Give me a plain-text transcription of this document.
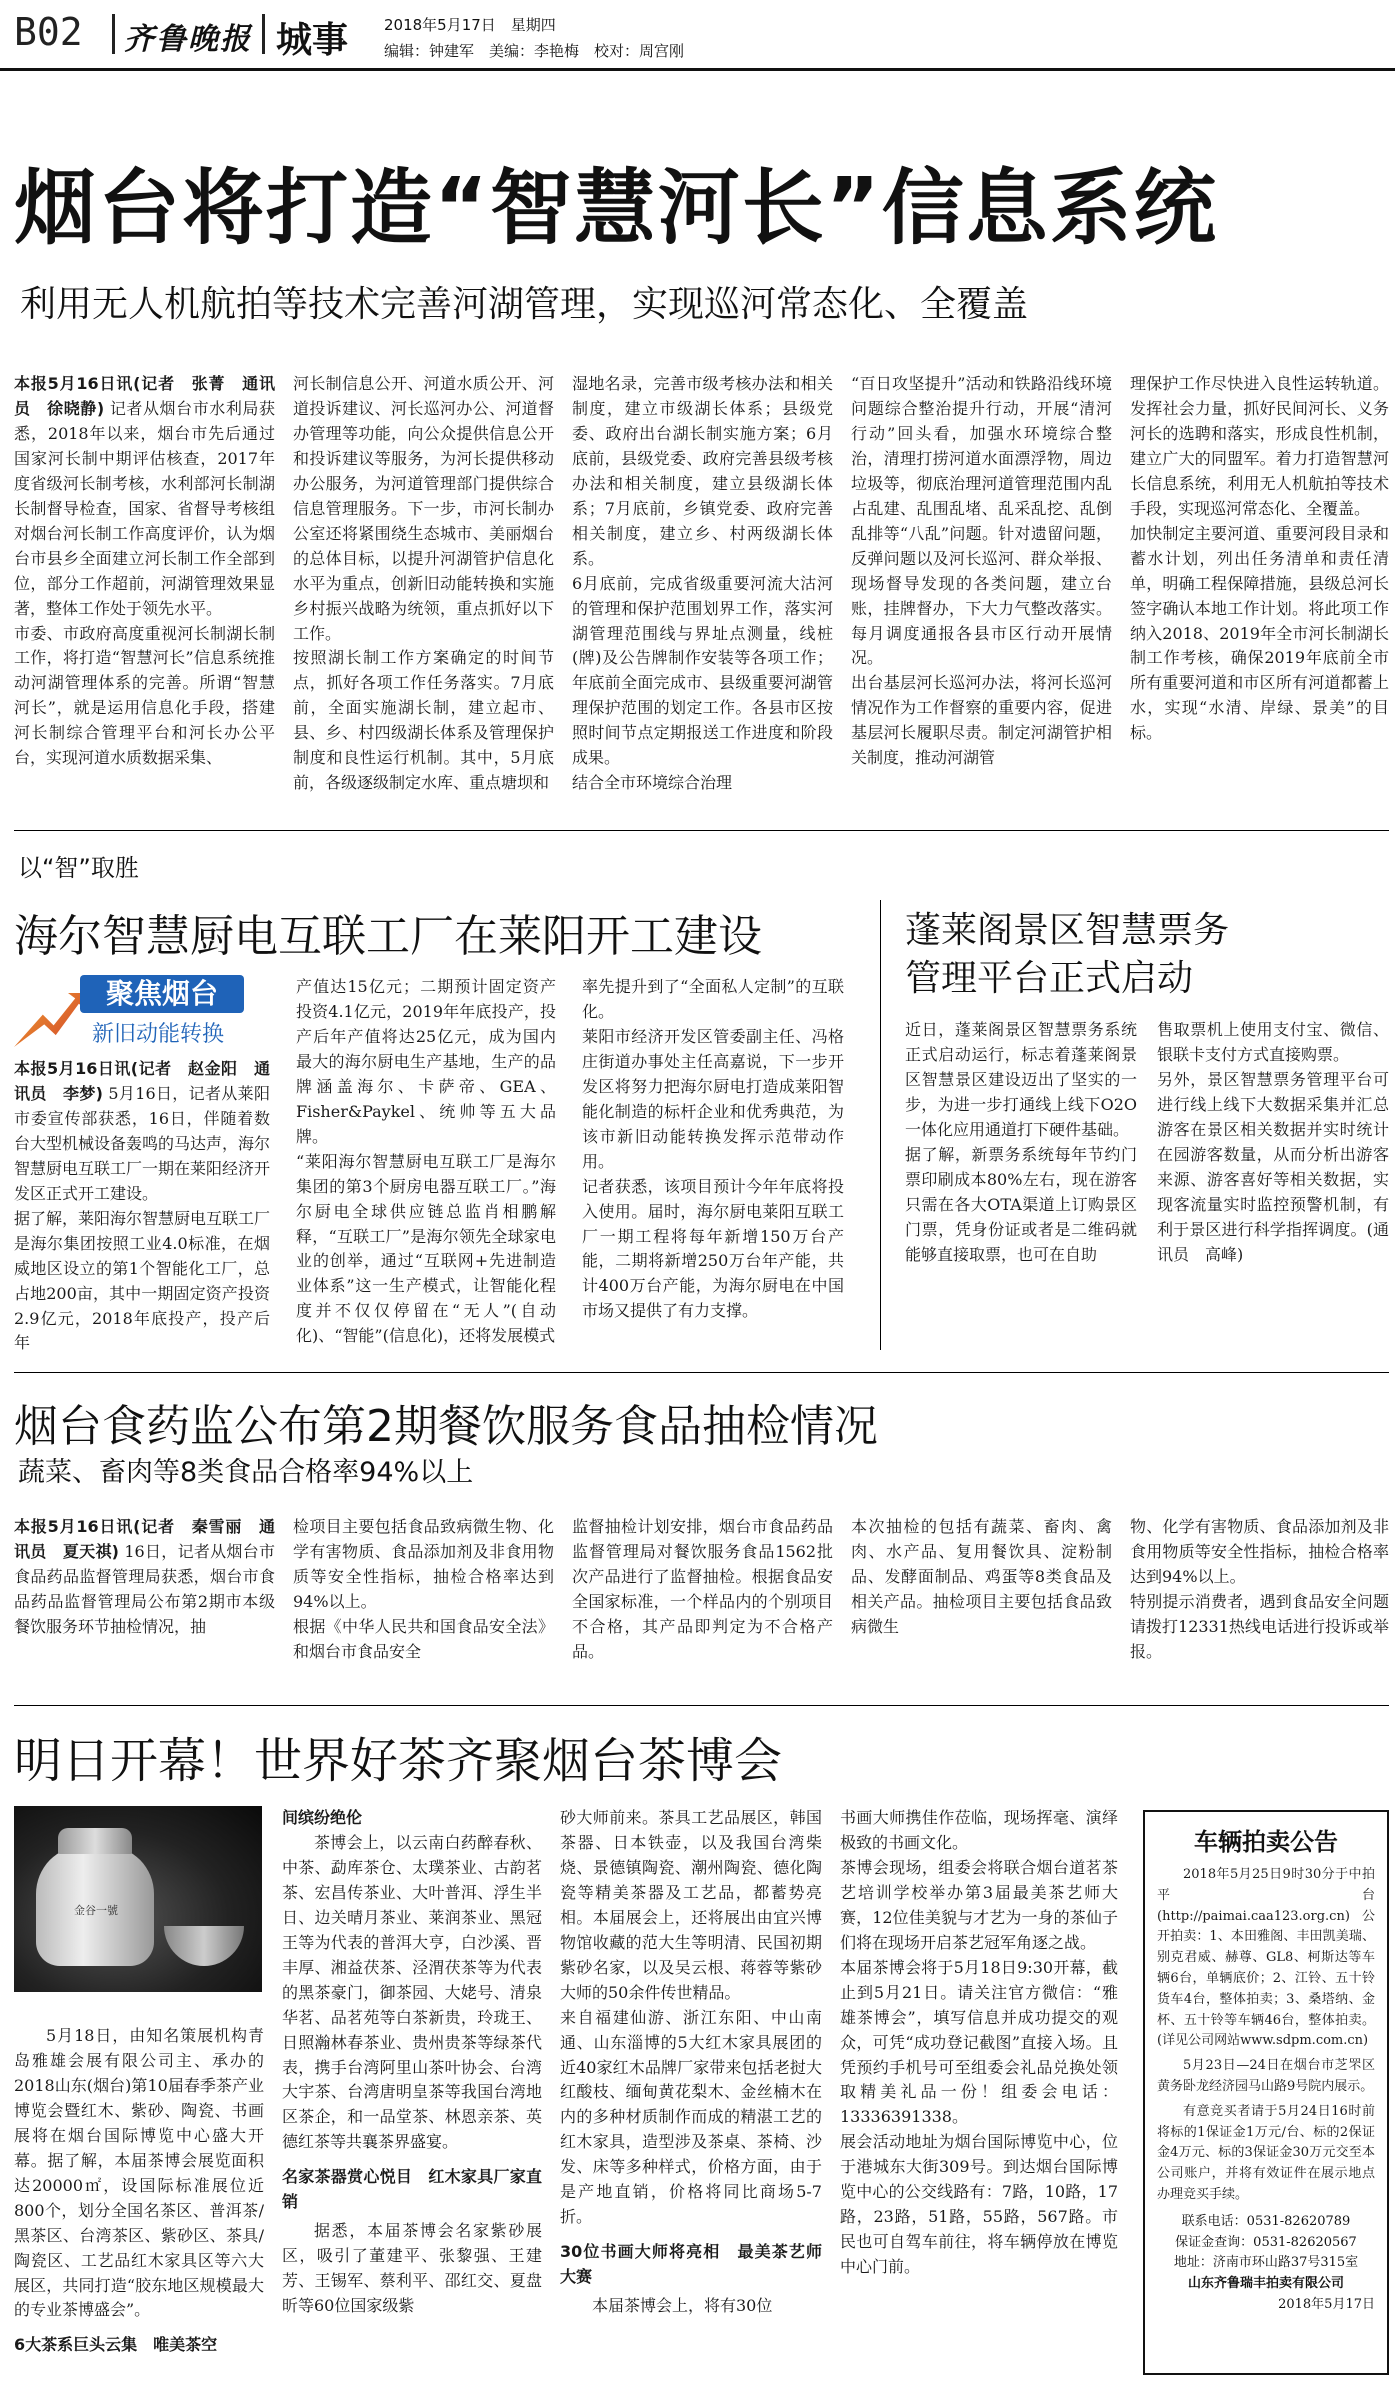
B02 齐鲁晚报 城事 2018年5月17日　星期四
编辑：钟建军　美编：李艳梅　校对：周宫刚
烟台将打造“智慧河长”信息系统
利用无人机航拍等技术完善河湖管理，实现巡河常态化、全覆盖
本报5月16日讯(记者　张菁　通讯员　徐晓静) 记者从烟台市水利局获悉，2018年以来，烟台市先后通过国家河长制中期评估核查，2017年度省级河长制考核，水利部河长制湖长制督导检查，国家、省督导考核组对烟台河长制工作高度评价，认为烟台市县乡全面建立河长制工作全部到位，部分工作超前，河湖管理效果显著，整体工作处于领先水平。
市委、市政府高度重视河长制湖长制工作，将打造“智慧河长”信息系统推动河湖管理体系的完善。所谓“智慧河长”，就是运用信息化手段，搭建河长制综合管理平台和河长办公平台，实现河道水质数据采集、
河长制信息公开、河道水质公开、河道投诉建议、河长巡河办公、河道督办管理等功能，向公众提供信息公开和投诉建议等服务，为河长提供移动办公服务，为河道管理部门提供综合信息管理服务。下一步，市河长制办公室还将紧围绕生态城市、美丽烟台的总体目标，以提升河湖管护信息化水平为重点，创新旧动能转换和实施乡村振兴战略为统领，重点抓好以下工作。
按照湖长制工作方案确定的时间节点，抓好各项工作任务落实。7月底前，全面实施湖长制，建立起市、县、乡、村四级湖长体系及管理保护制度和良性运行机制。其中，5月底前，各级逐级制定水库、重点塘坝和
湿地名录，完善市级考核办法和相关制度，建立市级湖长体系；县级党委、政府出台湖长制实施方案；6月底前，县级党委、政府完善县级考核办法和相关制度，建立县级湖长体系；7月底前，乡镇党委、政府完善相关制度，建立乡、村两级湖长体系。
6月底前，完成省级重要河流大沽河的管理和保护范围划界工作，落实河湖管理范围线与界址点测量，线桩(牌)及公告牌制作安装等各项工作；年底前全面完成市、县级重要河湖管理保护范围的划定工作。各县市区按照时间节点定期报送工作进度和阶段成果。
结合全市环境综合治理
“百日攻坚提升”活动和铁路沿线环境问题综合整治提升行动，开展“清河行动”回头看，加强水环境综合整治，清理打捞河道水面漂浮物，周边垃圾等，彻底治理河道管理范围内乱占乱建、乱围乱堵、乱采乱挖、乱倒乱排等“八乱”问题。针对遗留问题，反弹问题以及河长巡河、群众举报、现场督导发现的各类问题，建立台账，挂牌督办，下大力气整改落实。每月调度通报各县市区行动开展情况。
出台基层河长巡河办法，将河长巡河情况作为工作督察的重要内容，促进基层河长履职尽责。制定河湖管护相关制度，推动河湖管
理保护工作尽快进入良性运转轨道。发挥社会力量，抓好民间河长、义务河长的选聘和落实，形成良性机制，建立广大的同盟军。着力打造智慧河长信息系统，利用无人机航拍等技术手段，实现巡河常态化、全覆盖。
加快制定主要河道、重要河段目录和蓄水计划，列出任务清单和责任清单，明确工程保障措施，县级总河长签字确认本地工作计划。将此项工作纳入2018、2019年全市河长制湖长制工作考核，确保2019年底前全市所有重要河道和市区所有河道都蓄上水，实现“水清、岸绿、景美”的目标。
以“智”取胜
海尔智慧厨电互联工厂在莱阳开工建设
聚焦烟台
新旧动能转换
本报5月16日讯(记者　赵金阳　通讯员　李梦) 5月16日，记者从莱阳市委宣传部获悉，16日，伴随着数台大型机械设备轰鸣的马达声，海尔智慧厨电互联工厂一期在莱阳经济开发区正式开工建设。
据了解，莱阳海尔智慧厨电互联工厂是海尔集团按照工业4.0标准，在烟威地区设立的第1个智能化工厂，总占地200亩，其中一期固定资产投资2.9亿元，2018年底投产，投产后年
产值达15亿元；二期预计固定资产投资4.1亿元，2019年年底投产，投产后年产值将达25亿元，成为国内最大的海尔厨电生产基地，生产的品牌涵盖海尔、卡萨帝、GEA、Fisher&Paykel、统帅等五大品牌。
“莱阳海尔智慧厨电互联工厂是海尔集团的第3个厨房电器互联工厂。”海尔厨电全球供应链总监肖相鹏解释，“互联工厂”是海尔领先全球家电业的创举，通过“互联网+先进制造业体系”这一生产模式，让智能化程度并不仅仅停留在“无人”(自动化)、“智能”(信息化)，还将发展模式
率先提升到了“全面私人定制”的互联化。
莱阳市经济开发区管委副主任、冯格庄街道办事处主任高嘉说，下一步开发区将努力把海尔厨电打造成莱阳智能化制造的标杆企业和优秀典范，为该市新旧动能转换发挥示范带动作用。
记者获悉，该项目预计今年年底将投入使用。届时，海尔厨电莱阳互联工厂一期工程将每年新增150万台产能，二期将新增250万台年产能，共计400万台产能，为海尔厨电在中国市场又提供了有力支撑。
蓬莱阁景区智慧票务
管理平台正式启动
近日，蓬莱阁景区智慧票务系统正式启动运行，标志着蓬莱阁景区智慧景区建设迈出了坚实的一步，为进一步打通线上线下O2O一体化应用通道打下硬件基础。
据了解，新票务系统每年节约门票印刷成本80%左右，现在游客只需在各大OTA渠道上订购景区门票，凭身份证或者是二维码就能够直接取票，也可在自助
售取票机上使用支付宝、微信、银联卡支付方式直接购票。
另外，景区智慧票务管理平台可进行线上线下大数据采集并汇总游客在景区相关数据并实时统计在园游客数量，从而分析出游客来源、游客喜好等相关数据，实现客流量实时监控预警机制，有利于景区进行科学指挥调度。(通讯员　高峰)
烟台食药监公布第2期餐饮服务食品抽检情况
蔬菜、畜肉等8类食品合格率94%以上
本报5月16日讯(记者　秦雪丽　通讯员　夏天祺) 16日，记者从烟台市食品药品监督管理局获悉，烟台市食品药品监督管理局公布第2期市本级餐饮服务环节抽检情况，抽
检项目主要包括食品致病微生物、化学有害物质、食品添加剂及非食用物质等安全性指标，抽检合格率达到94%以上。
根据《中华人民共和国食品安全法》和烟台市食品安全
监督抽检计划安排，烟台市食品药品监督管理局对餐饮服务食品1562批次产品进行了监督抽检。根据食品安全国家标准，一个样品内的个别项目不合格，其产品即判定为不合格产品。
本次抽检的包括有蔬菜、畜肉、禽肉、水产品、复用餐饮具、淀粉制品、发酵面制品、鸡蛋等8类食品及相关产品。抽检项目主要包括食品致病微生
物、化学有害物质、食品添加剂及非食用物质等安全性指标，抽检合格率达到94%以上。
特别提示消费者，遇到食品安全问题请拨打12331热线电话进行投诉或举报。
明日开幕！世界好茶齐聚烟台茶博会
金谷一號
5月18日，由知名策展机构青岛雅雄会展有限公司主、承办的2018山东(烟台)第10届春季茶产业博览会暨红木、紫砂、陶瓷、书画展将在烟台国际博览中心盛大开幕。据了解，本届茶博会展览面积达20000㎡，设国际标准展位近800个，划分全国名茶区、普洱茶/黑茶区、台湾茶区、紫砂区、茶具/陶瓷区、工艺品红木家具区等六大展区，共同打造“胶东地区规模最大的专业茶博盛会”。
6大茶系巨头云集　唯美茶空
间缤纷绝伦
茶博会上，以云南白药醉春秋、中茶、勐库茶仓、太璞茶业、古韵茗茶、宏昌传茶业、大叶普洱、浮生半日、边关晴月茶业、莱润茶业、黑冠王等为代表的普洱大亨，白沙溪、晋丰厚、湘益茯茶、泾渭茯茶等为代表的黑茶豪门，御茶园、大姥号、清泉华茗、品茗苑等白茶新贵，玲珑王、日照瀚林春茶业、贵州贵茶等绿茶代表，携手台湾阿里山茶叶协会、台湾大宇茶、台湾唐明皇茶等我国台湾地区茶企，和一品堂茶、林恩亲茶、英德红茶等共襄茶界盛宴。
名家茶器赏心悦目　红木家具厂家直销
据悉，本届茶博会名家紫砂展区，吸引了董建平、张黎强、王建芳、王锡军、蔡利平、邵红交、夏盘昕等60位国家级紫
砂大师前来。茶具工艺品展区，韩国茶器、日本铁壶，以及我国台湾柴烧、景德镇陶瓷、潮州陶瓷、德化陶瓷等精美茶器及工艺品，都蓄势亮相。本届展会上，还将展出由宜兴博物馆收藏的范大生等明清、民国初期紫砂名家，以及吴云根、蒋蓉等紫砂大师的50余件传世精品。
来自福建仙游、浙江东阳、中山南通、山东淄博的5大红木家具展团的近40家红木品牌厂家带来包括老挝大红酸枝、缅甸黄花梨木、金丝楠木在内的多种材质制作而成的精湛工艺的红木家具，造型涉及茶桌、茶椅、沙发、床等多种样式，价格方面，由于是产地直销，价格将同比商场5-7折。
30位书画大师将亮相　最美茶艺师大赛
本届茶博会上，将有30位
书画大师携佳作莅临，现场挥毫、演绎极致的书画文化。
茶博会现场，组委会将联合烟台道茗茶艺培训学校举办第3届最美茶艺师大赛，12位佳美貌与才艺为一身的茶仙子们将在现场开启茶艺冠军角逐之战。
本届茶博会将于5月18日9:30开幕，截止到5月21日。请关注官方微信：“雅雄茶博会”，填写信息并成功提交的观众，可凭“成功登记截图”直接入场。且凭预约手机号可至组委会礼品兑换处领取精美礼品一份！组委会电话：13336391338。
展会活动地址为烟台国际博览中心，位于港城东大街309号。到达烟台国际博览中心的公交线路有：7路，10路，17路，23路，51路，55路，567路。市民也可自驾车前往，将车辆停放在博览中心门前。
车辆拍卖公告
2018年5月25日9时30分于中拍平台(http://paimai.caa123.org.cn)公开拍卖：1、本田雅阁、丰田凯美瑞、别克君威、赫尊、GL8、柯斯达等车辆6台，单辆底价；2、江铃、五十铃货车4台，整体拍卖；3、桑塔纳、金杯、五十铃等车辆46台，整体拍卖。(详见公司网站www.sdpm.com.cn)
5月23日—24日在烟台市芝罘区黄务卧龙经济园马山路9号院内展示。
有意竞买者请于5月24日16时前将标的1保证金1万元/台、标的2保证金4万元、标的3保证金30万元交至本公司账户，并将有效证件在展示地点办理竞买手续。
联系电话：0531-82620789
保证金查询：0531-82620567
地址：济南市环山路37号315室
山东齐鲁瑞丰拍卖有限公司
2018年5月17日
